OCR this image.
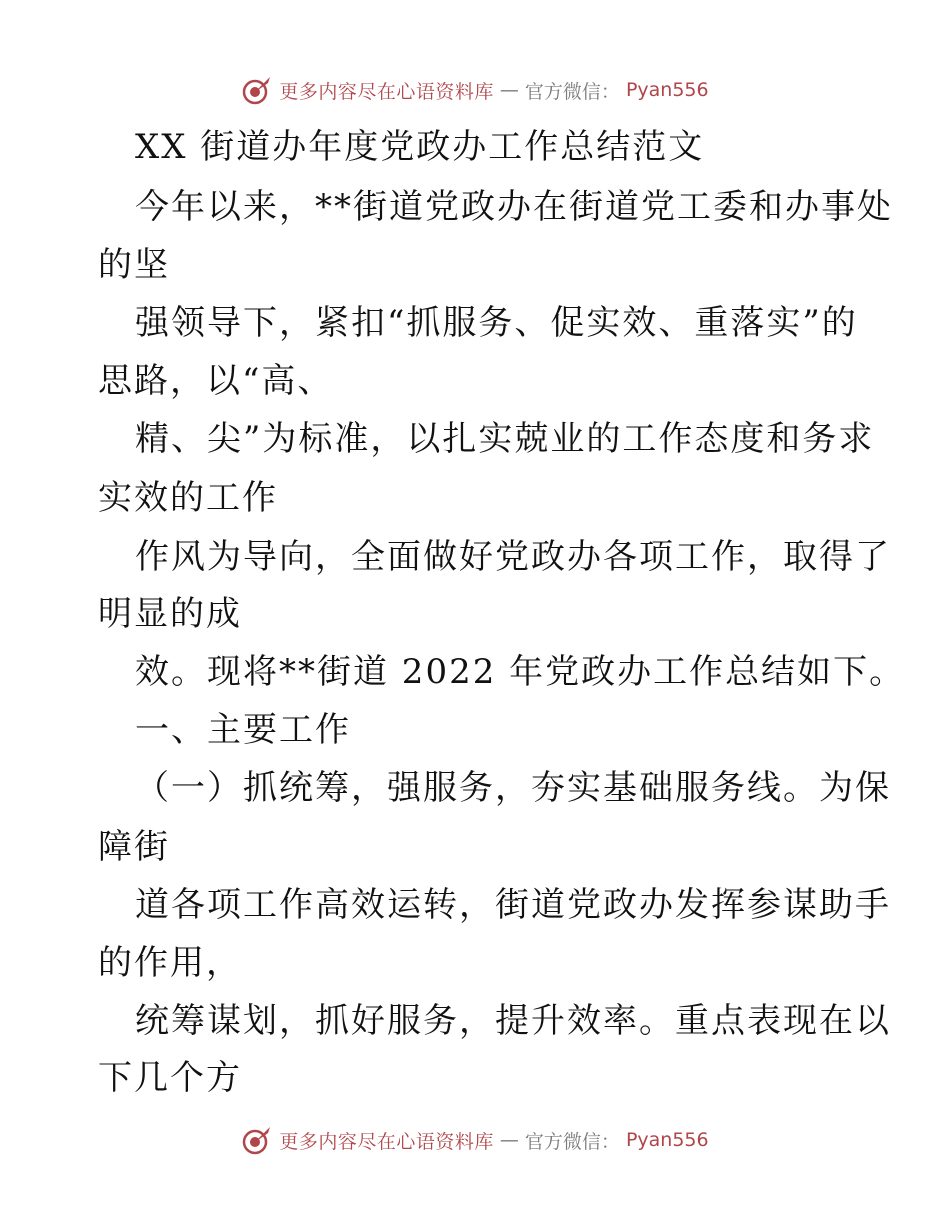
更多内容尽在心语资料库 — 官方微信： Pyan556
XX 街道办年度党政办工作总结范文
今年以来，**街道党政办在街道党工委和办事处
的坚
强领导下，紧扣“抓服务、促实效、重落实”的
思路，以“高、
精、尖”为标准，以扎实兢业的工作态度和务求
实效的工作
作风为导向，全面做好党政办各项工作，取得了
明显的成
效。现将**街道 2022 年党政办工作总结如下。
一、主要工作
（一）抓统筹，强服务，夯实基础服务线。为保
障街
道各项工作高效运转，街道党政办发挥参谋助手
的作用，
统筹谋划，抓好服务，提升效率。重点表现在以
下几个方
更多内容尽在心语资料库 — 官方微信： Pyan556
